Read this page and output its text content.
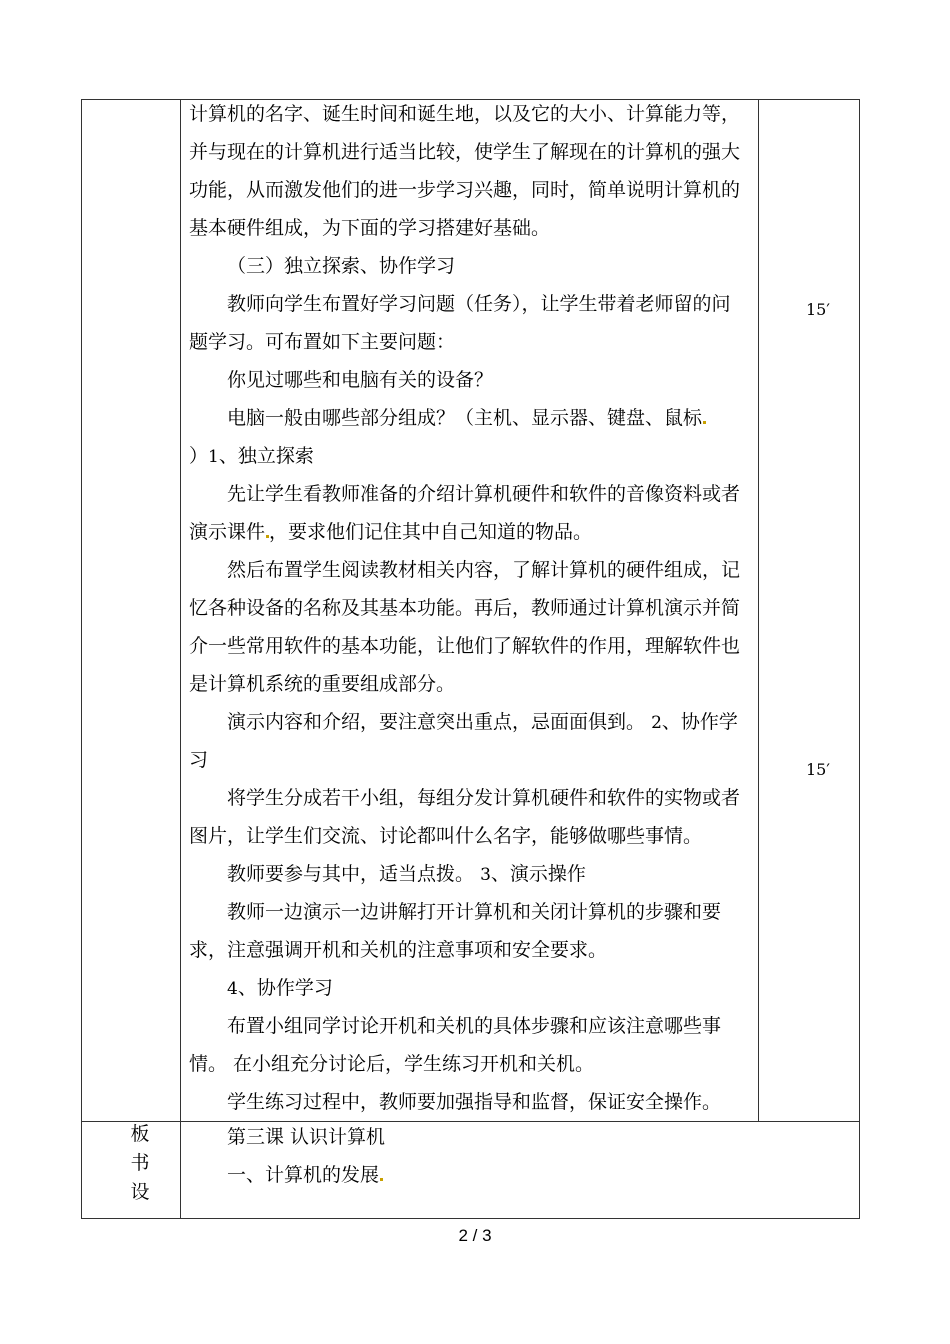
计算机的名字、诞生时间和诞生地，以及它的大小、计算能力等，
并与现在的计算机进行适当比较，使学生了解现在的计算机的强大
功能，从而激发他们的进一步学习兴趣，同时，简单说明计算机的
基本硬件组成，为下面的学习搭建好基础。
（三）独立探索、协作学习
教师向学生布置好学习问题（任务），让学生带着老师留的问
题学习。可布置如下主要问题：
你见过哪些和电脑有关的设备？
电脑一般由哪些部分组成？（主机、显示器、键盘、鼠标
）1、独立探索
先让学生看教师准备的介绍计算机硬件和软件的音像资料或者
演示课件 ，要求他们记住其中自己知道的物品。
然后布置学生阅读教材相关内容，了解计算机的硬件组成，记
忆各种设备的名称及其基本功能。再后，教师通过计算机演示并简
介一些常用软件的基本功能，让他们了解软件的作用，理解软件也
是计算机系统的重要组成部分。
演示内容和介绍，要注意突出重点，忌面面俱到。 2、协作学
习
将学生分成若干小组，每组分发计算机硬件和软件的实物或者
图片，让学生们交流、讨论都叫什么名字，能够做哪些事情。
教师要参与其中，适当点拨。 3、演示操作
教师一边演示一边讲解打开计算机和关闭计算机的步骤和要
求，注意强调开机和关机的注意事项和安全要求。
4、协作学习
布置小组同学讨论开机和关机的具体步骤和应该注意哪些事
情。 在小组充分讨论后，学生练习开机和关机。
学生练习过程中，教师要加强指导和监督，保证安全操作。
15′
15′
板
书
设
第三课 认识计算机
一、计算机的发展
2 / 3
